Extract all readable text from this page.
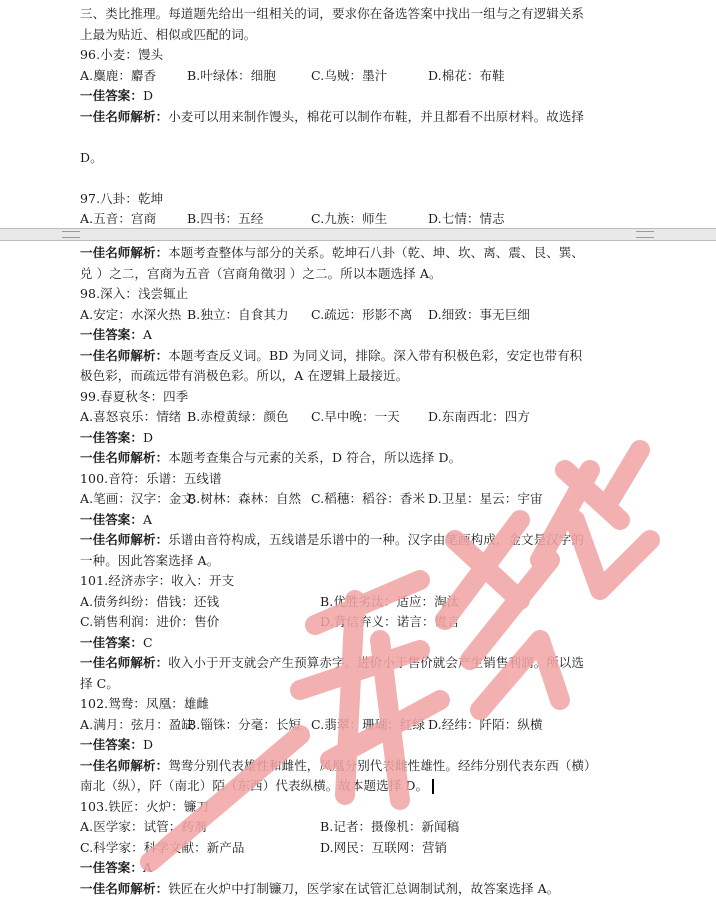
三、类比推理。每道题先给出一组相关的词，要求你在备选答案中找出一组与之有逻辑关系
上最为贴近、相似或匹配的词。
96.小麦：馒头
A.麋鹿：麝香 B.叶绿体：细胞	C.乌贼：墨汁	D.棉花：布鞋
一佳答案：D
一佳名师解析：小麦可以用来制作馒头，棉花可以制作布鞋，并且都看不出原材料。故选择
D。
97.八卦：乾坤
A.五音：宫商 B.四书：五经	C.九族：师生	D.七情：情志
一佳名师解析：本题考查整体与部分的关系。乾坤石八卦（乾、坤、坎、离、震、艮、巽、
兑 ）之二，宫商为五音（宫商角徵羽 ）之二。所以本题选择 A。
98.深入：浅尝辄止
A.安定：水深火热 B.独立：自食其力 C.疏远：形影不离 D.细致：事无巨细
一佳答案：A
一佳名师解析：本题考查反义词。BD 为同义词，排除。深入带有积极色彩，安定也带有积
极色彩，而疏远带有消极色彩。所以，A 在逻辑上最接近。
99.春夏秋冬：四季
A.喜怒哀乐：情绪 B.赤橙黄绿：颜色 C.早中晚：一天 D.东南西北：四方
一佳答案：D
一佳名师解析：本题考查集合与元素的关系，D 符合，所以选择 D。
100.音符：乐谱：五线谱
A.笔画：汉字：金文B.树林：森林：自然 C.稻穗：稻谷：香米 D.卫星：星云：宇宙
一佳答案：A
一佳名师解析：乐谱由音符构成，五线谱是乐谱中的一种。汉字由笔画构成，金文是汉字的
一种。因此答案选择 A。
101.经济赤字：收入：开支
A.债务纠纷：借钱：还钱	B.优胜劣汰：适应：淘汰
C.销售利润：进价：售价	D.背信弃义：诺言：谎言
一佳答案：C
一佳名师解析：收入小于开支就会产生预算赤字。进价小于售价就会产生销售利润。所以选
择 C。
102.鸳鸯：凤凰：雄雌
A.满月：弦月：盈缺B.锱铢：分毫：长短 C.翡翠：珊瑚：红绿 D.经纬：阡陌：纵横
一佳答案：D
一佳名师解析：鸳鸯分别代表雄性和雌性，凤凰分别代表雌性雄性。经纬分别代表东西（横）
南北（纵），阡（南北）陌（东西）代表纵横。故本题选择 D。
103.铁匠：火炉：镰刀
A.医学家：试管：药剂	B.记者：摄像机：新闻稿
C.科学家：科学文献：新产品	D.网民：互联网：营销
一佳答案：A
一佳名师解析：铁匠在火炉中打制镰刀，医学家在试管汇总调制试剂，故答案选择 A。
